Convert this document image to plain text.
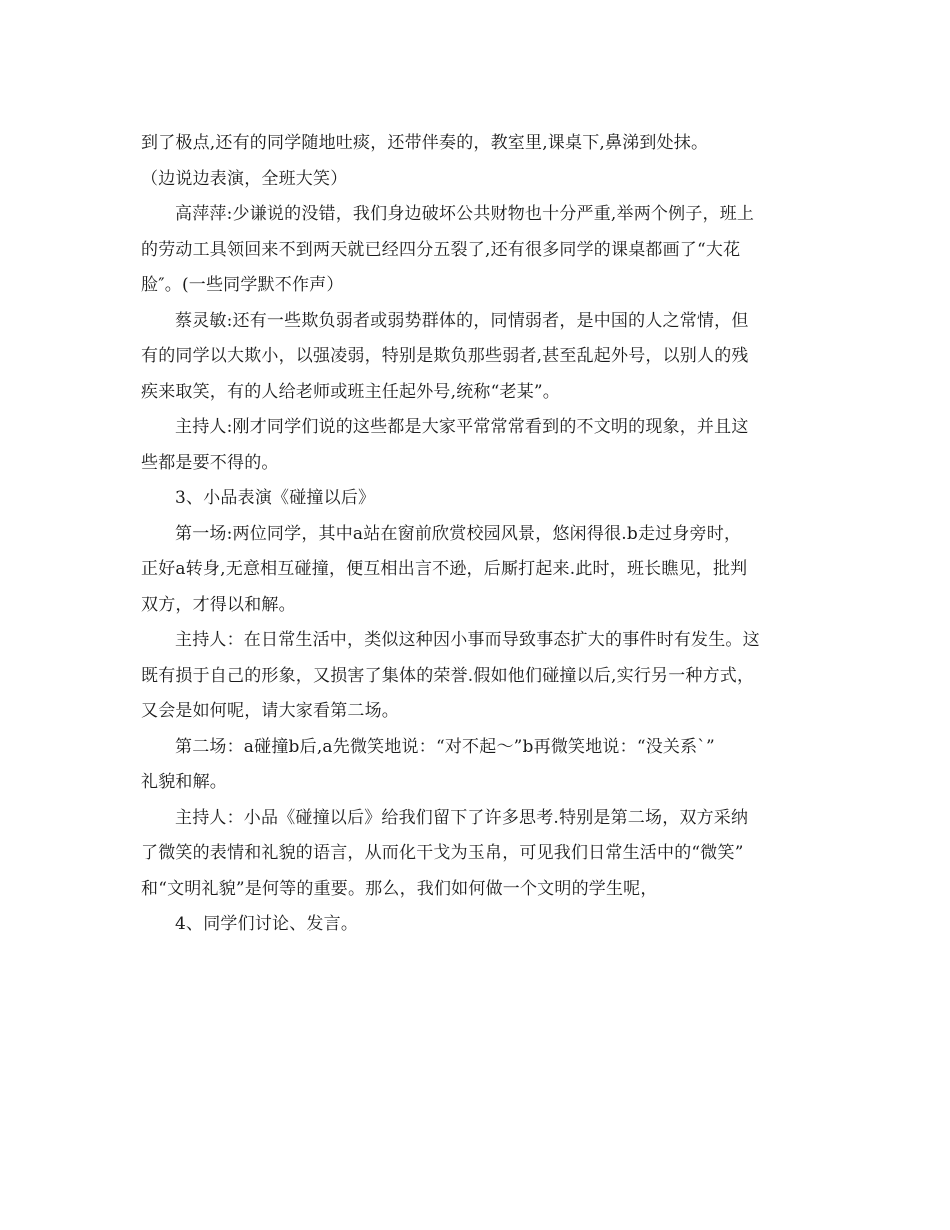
到了极点,还有的同学随地吐痰，还带伴奏的，教室里,课桌下,鼻涕到处抹。
（边说边表演，全班大笑）
高萍萍:少谦说的没错，我们身边破坏公共财物也十分严重,举两个例子，班上
的劳动工具领回来不到两天就已经四分五裂了,还有很多同学的课桌都画了“大花
脸″。(一些同学默不作声）
蔡灵敏:还有一些欺负弱者或弱势群体的，同情弱者，是中国的人之常情，但
有的同学以大欺小，以强凌弱，特别是欺负那些弱者,甚至乱起外号，以别人的残
疾来取笑，有的人给老师或班主任起外号,统称“老某”。
主持人:刚才同学们说的这些都是大家平常常常看到的不文明的现象，并且这
些都是要不得的。
3、小品表演《碰撞以后》
第一场:两位同学，其中a站在窗前欣赏校园风景，悠闲得很.b走过身旁时，
正好a转身,无意相互碰撞，便互相出言不逊，后厮打起来.此时，班长瞧见，批判
双方，才得以和解。
主持人：在日常生活中，类似这种因小事而导致事态扩大的事件时有发生。这
既有损于自己的形象，又损害了集体的荣誉.假如他们碰撞以后,实行另一种方式，
又会是如何呢，请大家看第二场。
第二场：a碰撞b后,a先微笑地说：“对不起～”b再微笑地说：“没关系`”
礼貌和解。
主持人：小品《碰撞以后》给我们留下了许多思考.特别是第二场，双方采纳
了微笑的表情和礼貌的语言，从而化干戈为玉帛，可见我们日常生活中的“微笑”
和“文明礼貌”是何等的重要。那么，我们如何做一个文明的学生呢，
4、同学们讨论、发言。
